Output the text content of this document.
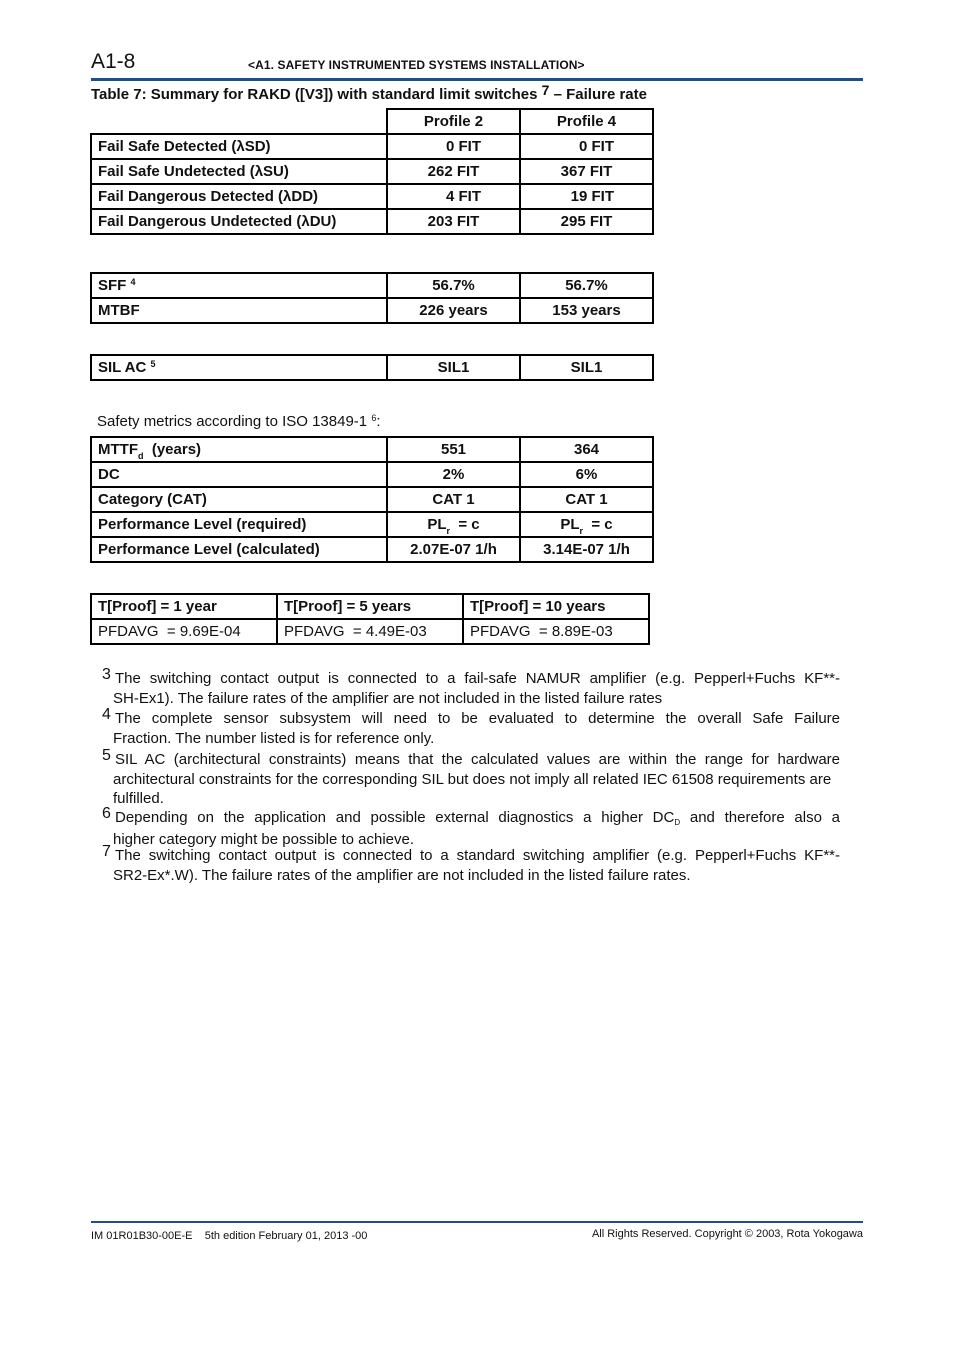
A1-8	<A1. SAFETY INSTRUMENTED SYSTEMS INSTALLATION>
Table 7: Summary for RAKD ([V3]) with standard limit switches $^7$ – Failure rate
	Profile 2	Profile 4
Fail Safe Detected (λSD)	0 FIT	0 FIT
Fail Safe Undetected (λSU)	262 FIT	367 FIT
Fail Dangerous Detected (λDD)	4 FIT	19 FIT
Fail Dangerous Undetected (λDU)	203 FIT	295 FIT
SFF $^4$	56.7%	56.7%
MTBF	226 years	153 years
SIL AC $^5$	SIL1	SIL1
Safety metrics according to ISO 13849-1 $^6$:
$MTTF_d$ (years)	551	364
DC	2%	6%
Category (CAT)	CAT 1	CAT 1
Performance Level (required)	$PL_r = c$	$PL_r = c$
Performance Level (calculated)	2.07E-07 1/h	3.14E-07 1/h
T[Proof] = 1 year	T[Proof] = 5 years	T[Proof] = 10 years
PFDAVG  = 9.69E-04	PFDAVG  = 4.49E-03	PFDAVG  = 8.89E-03
3 The switching contact output is connected to a fail-safe NAMUR amplifier (e.g. Pepperl+Fuchs KF**-
SH-Ex1). The failure rates of the amplifier are not included in the listed failure rates
4 The complete sensor subsystem will need to be evaluated to determine the overall Safe Failure
Fraction. The number listed is for reference only.
5 SIL AC (architectural constraints) means that the calculated values are within the range for hardware
architectural constraints for the corresponding SIL but does not imply all related IEC 61508 requirements are fulfilled.
6 Depending on the application and possible external diagnostics a higher $DC_D$ and therefore also a
higher category might be possible to achieve.
7 The switching contact output is connected to a standard switching amplifier (e.g. Pepperl+Fuchs KF**-
SR2-Ex*.W). The failure rates of the amplifier are not included in the listed failure rates.
IM 01R01B30-00E-E    5th edition February 01, 2013 -00	All Rights Reserved. Copyright © 2003, Rota Yokogawa
